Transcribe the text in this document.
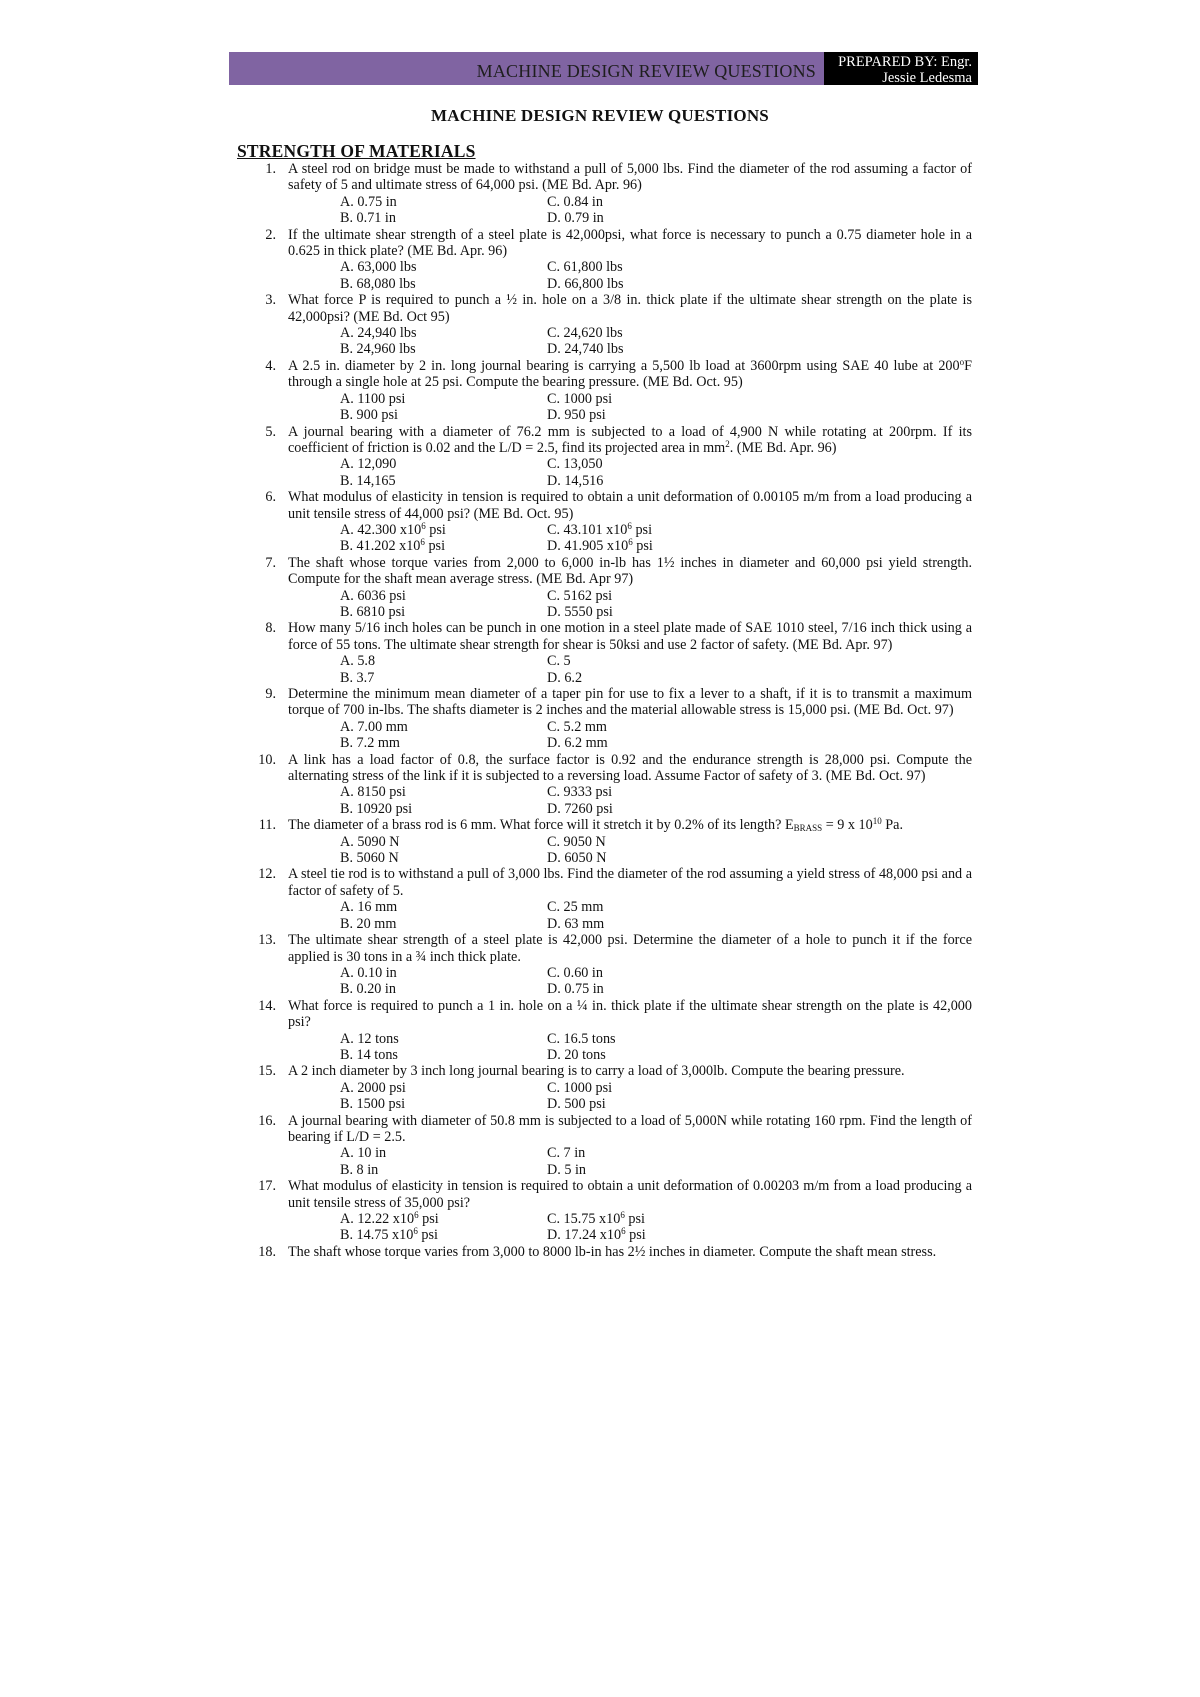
MACHINE DESIGN REVIEW QUESTIONS	PREPARED BY: Engr.
Jessie Ledesma
MACHINE DESIGN REVIEW QUESTIONS
STRENGTH OF MATERIALS
1. A steel rod on bridge must be made to withstand a pull of 5,000 lbs. Find the diameter of the rod assuming a factor of safety of 5 and ultimate stress of 64,000 psi. (ME Bd. Apr. 96)
A. 0.75 in	C. 0.84 in
B. 0.71 in	D. 0.79 in
2. If the ultimate shear strength of a steel plate is 42,000psi, what force is necessary to punch a 0.75 diameter hole in a 0.625 in thick plate? (ME Bd. Apr. 96)
A. 63,000 lbs	C. 61,800 lbs
B. 68,080 lbs	D. 66,800 lbs
3. What force P is required to punch a ½ in. hole on a 3/8 in. thick plate if the ultimate shear strength on the plate is 42,000psi? (ME Bd. Oct 95)
A. 24,940 lbs	C. 24,620 lbs
B. 24,960 lbs	D. 24,740 lbs
4. A 2.5 in. diameter by 2 in. long journal bearing is carrying a 5,500 lb load at 3600rpm using SAE 40 lube at 200$^o$F through a single hole at 25 psi. Compute the bearing pressure. (ME Bd. Oct. 95)
A. 1100 psi	C. 1000 psi
B. 900 psi	D. 950 psi
5. A journal bearing with a diameter of 76.2 mm is subjected to a load of 4,900 N while rotating at 200rpm. If its coefficient of friction is 0.02 and the L/D = 2.5, find its projected area in $mm^2$. (ME Bd. Apr. 96)
A. 12,090	C. 13,050
B. 14,165	D. 14,516
6. What modulus of elasticity in tension is required to obtain a unit deformation of 0.00105 m/m from a load producing a unit tensile stress of 44,000 psi? (ME Bd. Oct. 95)
A. 42.300 $x10^6$ psi	C. 43.101 $x10^6$ psi
B. 41.202 $x10^6$ psi	D. 41.905 $x10^6$ psi
7. The shaft whose torque varies from 2,000 to 6,000 in-lb has 1½ inches in diameter and 60,000 psi yield strength. Compute for the shaft mean average stress. (ME Bd. Apr 97)
A. 6036 psi	C. 5162 psi
B. 6810 psi	D. 5550 psi
8. How many 5/16 inch holes can be punch in one motion in a steel plate made of SAE 1010 steel, 7/16 inch thick using a force of 55 tons. The ultimate shear strength for shear is 50ksi and use 2 factor of safety. (ME Bd. Apr. 97)
A. 5.8	C. 5
B. 3.7	D. 6.2
9. Determine the minimum mean diameter of a taper pin for use to fix a lever to a shaft, if it is to transmit a maximum torque of 700 in-lbs. The shafts diameter is 2 inches and the material allowable stress is 15,000 psi. (ME Bd. Oct. 97)
A. 7.00 mm	C. 5.2 mm
B. 7.2 mm	D. 6.2 mm
10. A link has a load factor of 0.8, the surface factor is 0.92 and the endurance strength is 28,000 psi. Compute the alternating stress of the link if it is subjected to a reversing load. Assume Factor of safety of 3. (ME Bd. Oct. 97)
A. 8150 psi	C. 9333 psi
B. 10920 psi	D. 7260 psi
11. The diameter of a brass rod is 6 mm. What force will it stretch it by 0.2% of its length? $E_{BRASS} = 9$ x $10^{10}$ Pa.
A. 5090 N	C. 9050 N
B. 5060 N	D. 6050 N
12. A steel tie rod is to withstand a pull of 3,000 lbs. Find the diameter of the rod assuming a yield stress of 48,000 psi and a factor of safety of 5.
A. 16 mm	C. 25 mm
B. 20 mm	D. 63 mm
13. The ultimate shear strength of a steel plate is 42,000 psi. Determine the diameter of a hole to punch it if the force applied is 30 tons in a ¾ inch thick plate.
A. 0.10 in	C. 0.60 in
B. 0.20 in	D. 0.75 in
14. What force is required to punch a 1 in. hole on a ¼ in. thick plate if the ultimate shear strength on the plate is 42,000 psi?
A. 12 tons	C. 16.5 tons
B. 14 tons	D. 20 tons
15. A 2 inch diameter by 3 inch long journal bearing is to carry a load of 3,000lb. Compute the bearing pressure.
A. 2000 psi	C. 1000 psi
B. 1500 psi	D. 500 psi
16. A journal bearing with diameter of 50.8 mm is subjected to a load of 5,000N while rotating 160 rpm. Find the length of bearing if L/D = 2.5.
A. 10 in	C. 7 in
B. 8 in	D. 5 in
17. What modulus of elasticity in tension is required to obtain a unit deformation of 0.00203 m/m from a load producing a unit tensile stress of 35,000 psi?
A. 12.22 $x10^6$ psi	C. 15.75 $x10^6$ psi
B. 14.75 $x10^6$ psi	D. 17.24 $x10^6$ psi
18. The shaft whose torque varies from 3,000 to 8000 lb-in has 2½ inches in diameter. Compute the shaft mean stress.
